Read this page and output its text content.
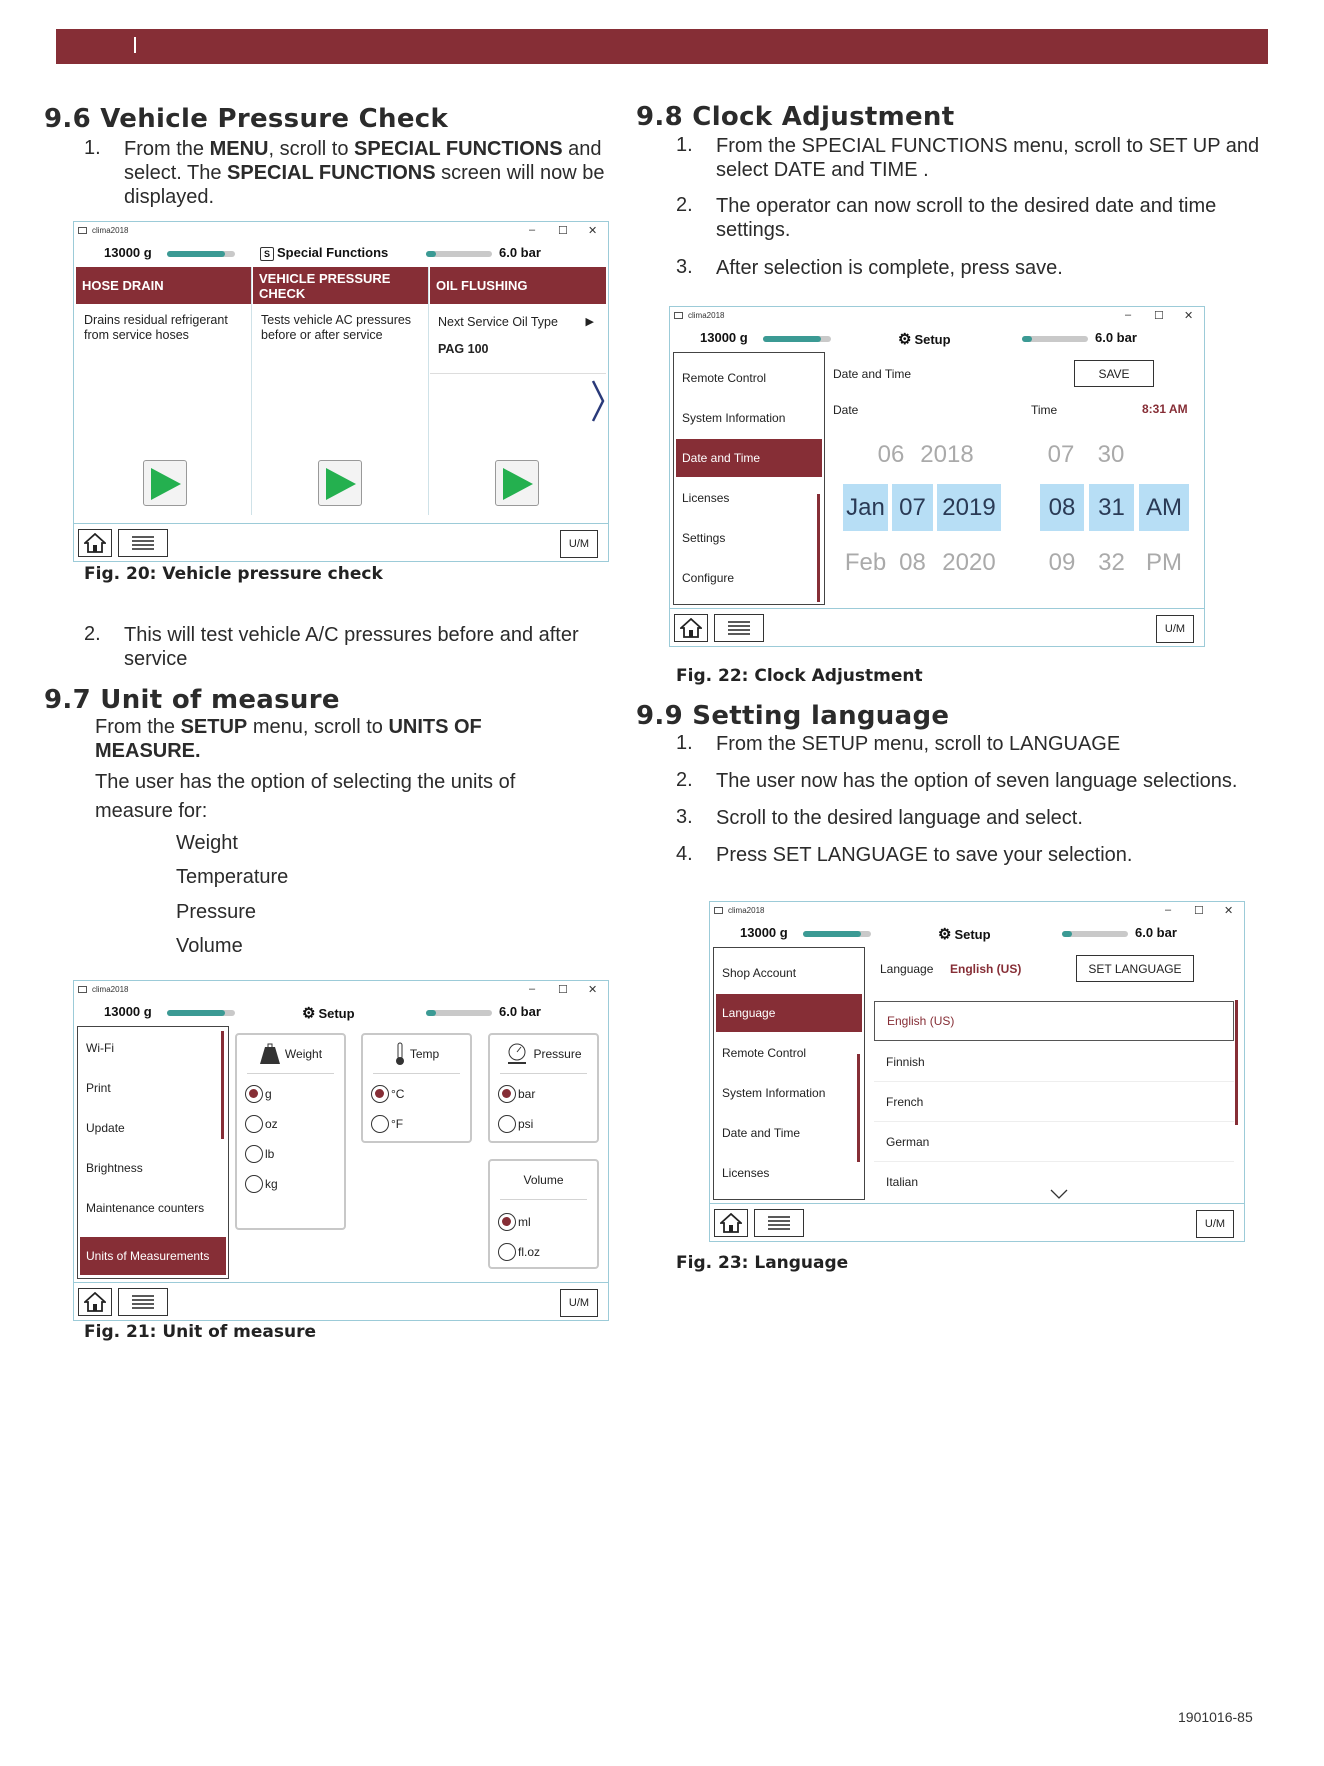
9.6 Vehicle Pressure Check
1. From the MENU, scroll to SPECIAL FUNCTIONS and select. The SPECIAL FUNCTIONS screen will now be displayed.
clima2018	– ☐ ✕
13000 g	S Special Functions	6.0 bar
HOSE DRAIN
Drains residual refrigerant from service hoses
VEHICLE PRESSURE CHECK
Tests vehicle AC pressures before or after service
OIL FLUSHING
Next Service Oil Type	▶
PAG 100
U/M
Fig. 20: Vehicle pressure check
2. This will test vehicle A/C pressures before and after service
9.7 Unit of measure
From the SETUP menu, scroll to UNITS OF MEASURE.
The user has the option of selecting the units of measure for:
Weight
Temperature
Pressure
Volume
clima2018	– ☐ ✕
13000 g	⚙ Setup	6.0 bar
Wi-Fi
Print
Update
Brightness
Maintenance counters
Units of Measurements
Weight
g
oz
lb
kg
Temp
°C
°F
Pressure
bar
psi
Volume
ml
fl.oz
U/M
Fig. 21: Unit of measure
9.8 Clock Adjustment
1. From the SPECIAL FUNCTIONS menu, scroll to SET UP and select DATE and TIME .
2. The operator can now scroll to the desired date and time settings.
3. After selection is complete, press save.
clima2018	– ☐ ✕
13000 g	⚙ Setup	6.0 bar
Remote Control
System Information
Date and Time
Licenses
Settings
Configure
Date and Time	SAVE
Date	Time	8:31 AM
06 2018	07 30
Jan 07 2019	08 31 AM
Feb 08 2020	09 32 PM
U/M
Fig. 22: Clock Adjustment
9.9 Setting language
1. From the SETUP menu, scroll to LANGUAGE
2. The user now has the option of seven language selections.
3. Scroll to the desired language and select.
4. Press SET LANGUAGE to save your selection.
clima2018	– ☐ ✕
13000 g	⚙ Setup	6.0 bar
Shop Account
Language
Remote Control
System Information
Date and Time
Licenses
Language English (US)	SET LANGUAGE
English (US)
Finnish
French
German
Italian
U/M
Fig. 23: Language
1901016-85
